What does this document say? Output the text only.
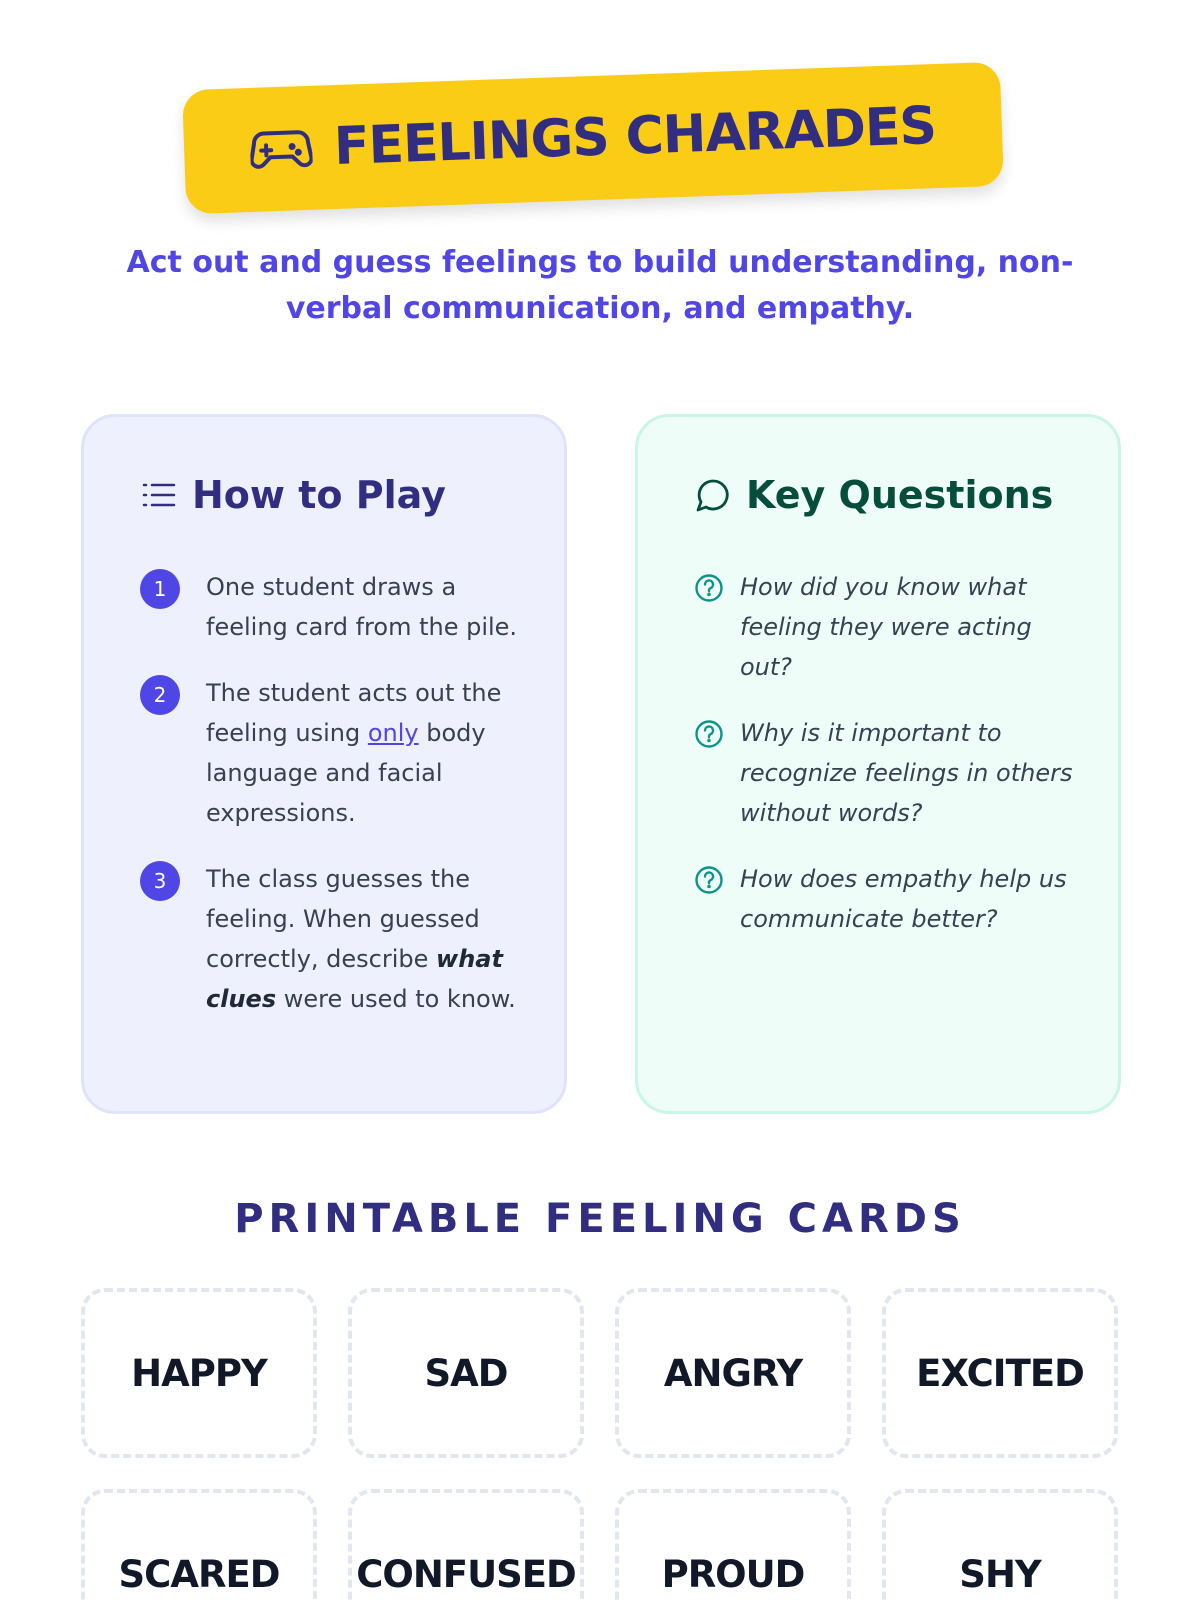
FEELINGS CHARADES

Act out and guess feelings to build understanding, non-verbal communication, and empathy.

How to Play
1	One student draws a feeling card from the pile.
2	The student acts out the feeling using only body language and facial expressions.
3	The class guesses the feeling. When guessed correctly, describe what clues were used to know.
Key Questions
How did you know what feeling they were acting out?
Why is it important to recognize feelings in others without words?
How does empathy help us communicate better?
PRINTABLE FEELING CARDS
HAPPY	SAD	ANGRY	EXCITED
SCARED CONFUSED PROUD	SHY
